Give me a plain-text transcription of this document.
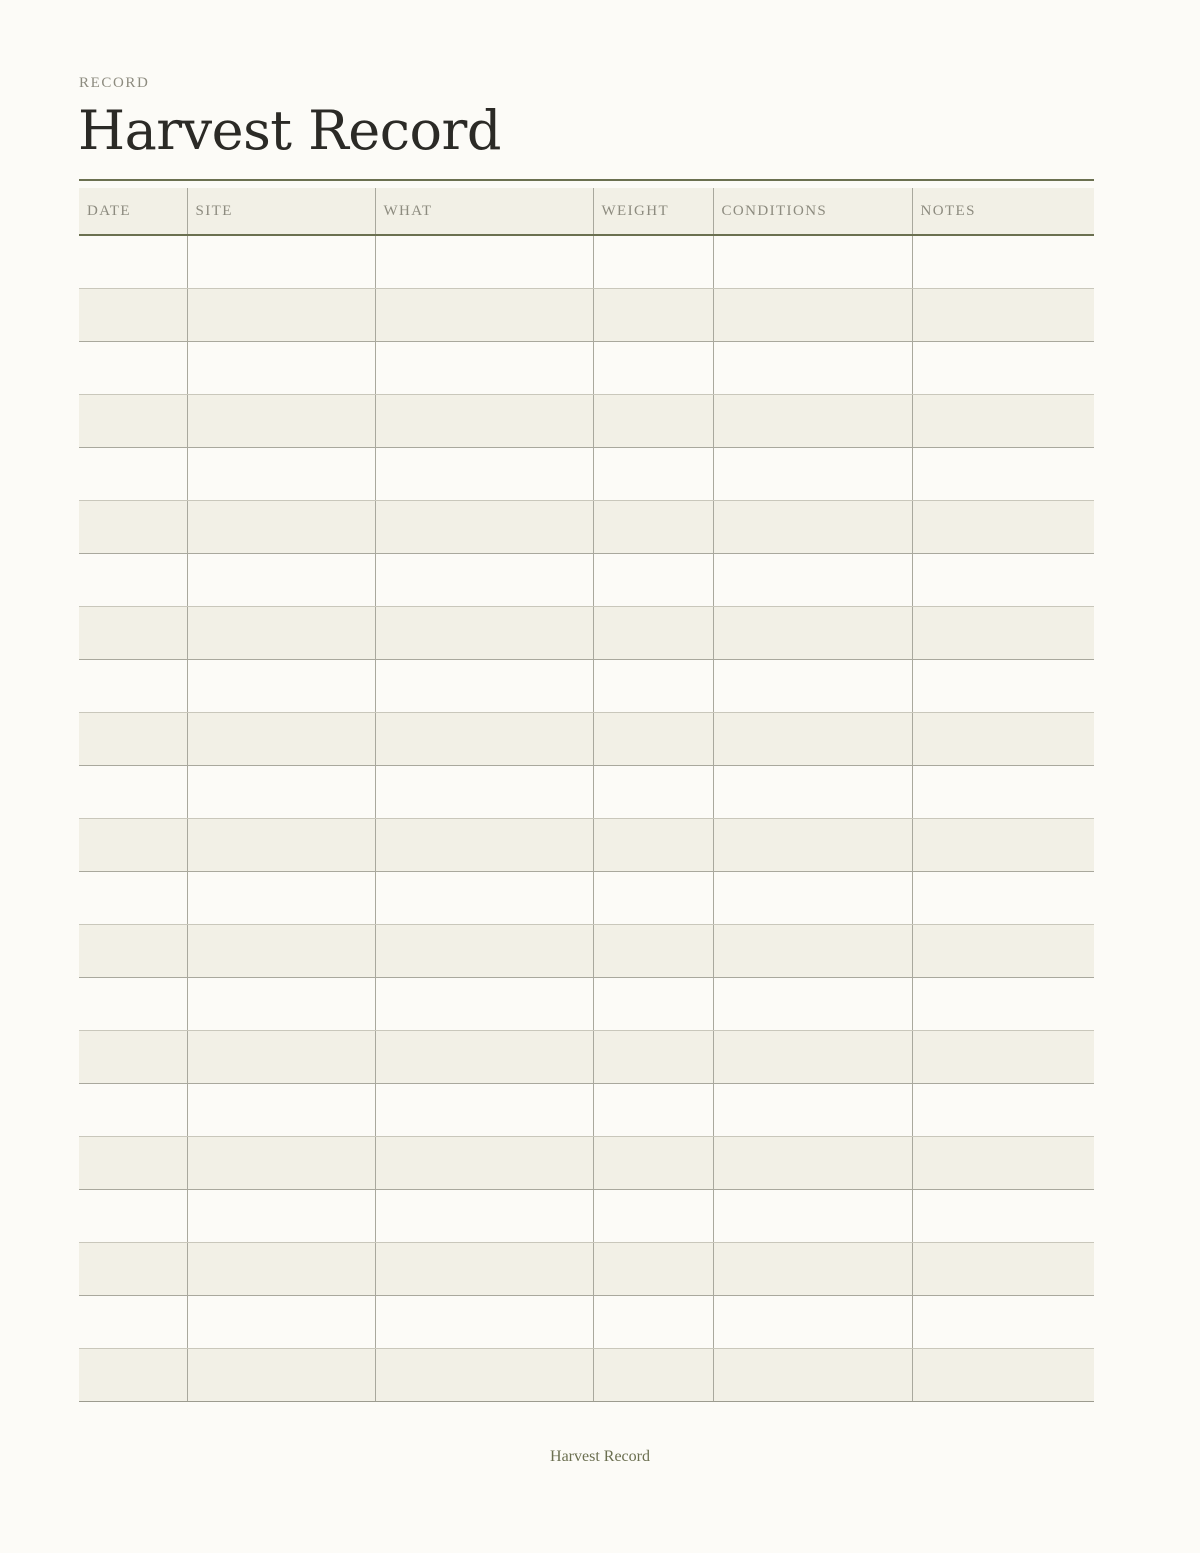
RECORD
Harvest Record
DATE	SITE	WHAT	WEIGHT	CONDITIONS	NOTES

Harvest Record
